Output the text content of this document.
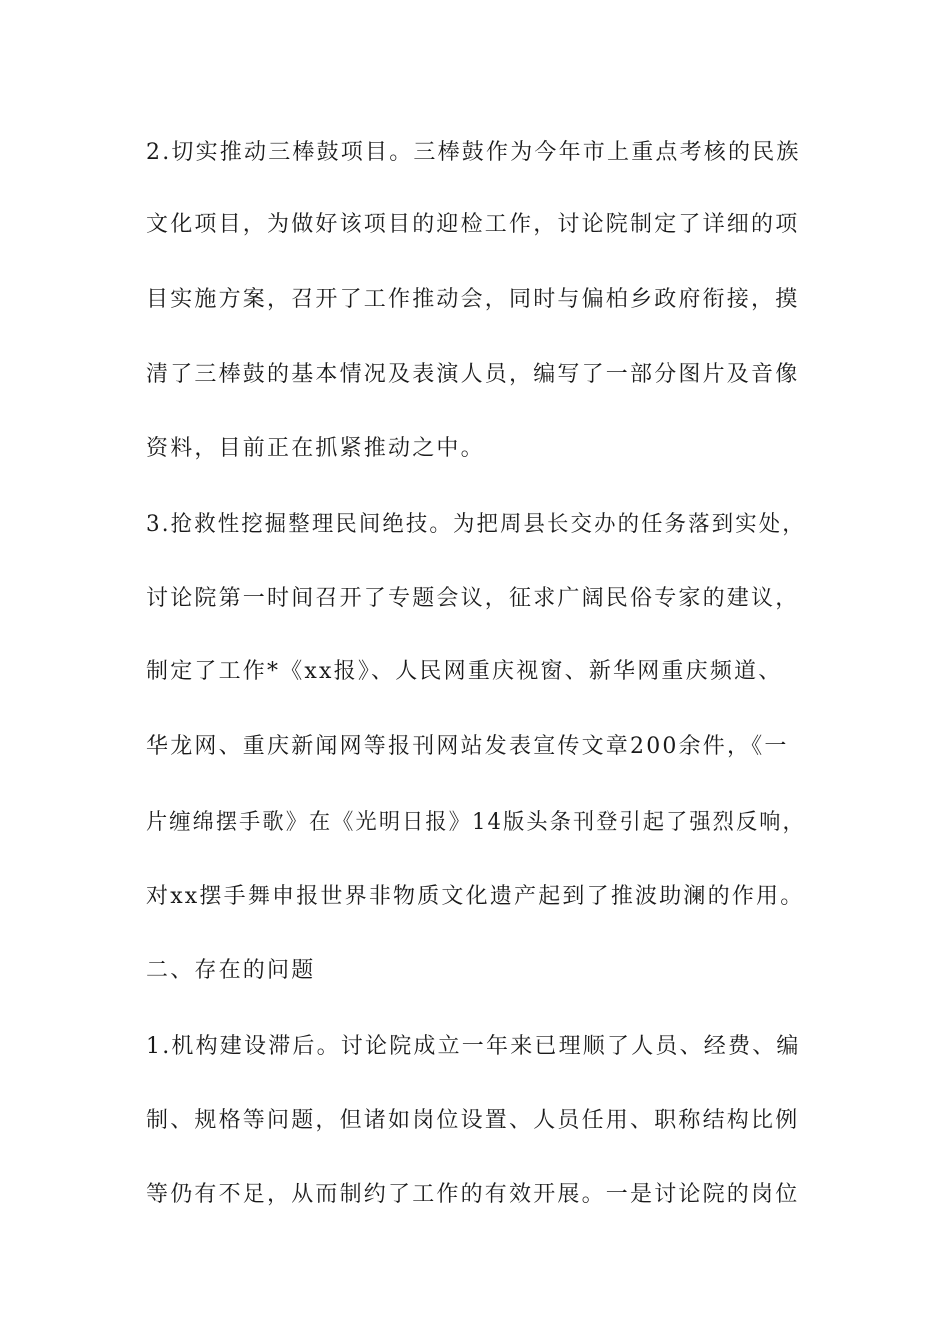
2.切实推动三棒鼓项目。三棒鼓作为今年市上重点考核的民族
文化项目，为做好该项目的迎检工作，讨论院制定了详细的项
目实施方案，召开了工作推动会，同时与偏柏乡政府衔接，摸
清了三棒鼓的基本情况及表演人员，编写了一部分图片及音像
资料，目前正在抓紧推动之中。
3.抢救性挖掘整理民间绝技。为把周县长交办的任务落到实处，
讨论院第一时间召开了专题会议，征求广阔民俗专家的建议，
制定了工作*《xx报》、人民网重庆视窗、新华网重庆频道、
华龙网、重庆新闻网等报刊网站发表宣传文章200余件，《一
片缠绵摆手歌》在《光明日报》14版头条刊登引起了强烈反响，
对xx摆手舞申报世界非物质文化遗产起到了推波助澜的作用。
二、存在的问题
1.机构建设滞后。讨论院成立一年来已理顺了人员、经费、编
制、规格等问题，但诸如岗位设置、人员任用、职称结构比例
等仍有不足，从而制约了工作的有效开展。一是讨论院的岗位
